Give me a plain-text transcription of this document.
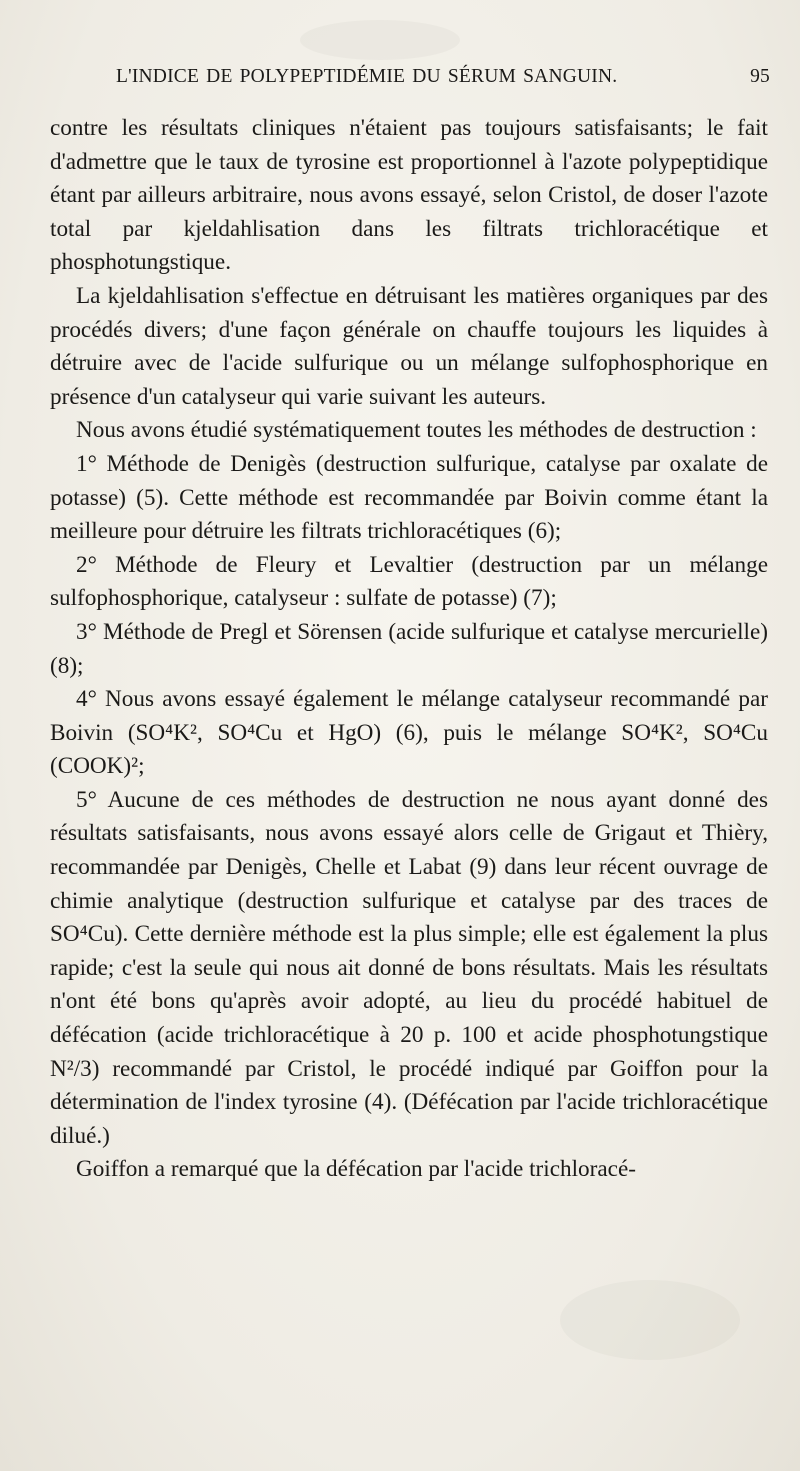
L'INDICE DE POLYPEPTIDÉMIE DU SÉRUM SANGUIN.	95

contre les résultats cliniques n'étaient pas toujours satisfaisants; le fait d'admettre que le taux de tyrosine est proportionnel à l'azote polypeptidique étant par ailleurs arbitraire, nous avons essayé, selon Cristol, de doser l'azote total par kjeldahlisation dans les filtrats trichloracétique et phosphotungstique.

La kjeldahlisation s'effectue en détruisant les matières organiques par des procédés divers; d'une façon générale on chauffe toujours les liquides à détruire avec de l'acide sulfurique ou un mélange sulfophosphorique en présence d'un catalyseur qui varie suivant les auteurs.

Nous avons étudié systématiquement toutes les méthodes de destruction :

1° Méthode de Denigès (destruction sulfurique, catalyse par oxalate de potasse) (5). Cette méthode est recommandée par Boivin comme étant la meilleure pour détruire les filtrats trichloracétiques (6);

2° Méthode de Fleury et Levaltier (destruction par un mélange sulfophosphorique, catalyseur : sulfate de potasse) (7);

3° Méthode de Pregl et Sörensen (acide sulfurique et catalyse mercurielle) (8);

4° Nous avons essayé également le mélange catalyseur recommandé par Boivin (SO⁴K², SO⁴Cu et HgO) (6), puis le mélange SO⁴K², SO⁴Cu (COOK)²;

5° Aucune de ces méthodes de destruction ne nous ayant donné des résultats satisfaisants, nous avons essayé alors celle de Grigaut et Thièry, recommandée par Denigès, Chelle et Labat (9) dans leur récent ouvrage de chimie analytique (destruction sulfurique et catalyse par des traces de SO⁴Cu). Cette dernière méthode est la plus simple; elle est également la plus rapide; c'est la seule qui nous ait donné de bons résultats. Mais les résultats n'ont été bons qu'après avoir adopté, au lieu du procédé habituel de défécation (acide trichloracétique à 20 p. 100 et acide phosphotungstique N²/3) recommandé par Cristol, le procédé indiqué par Goiffon pour la détermination de l'index tyrosine (4). (Défécation par l'acide trichloracétique dilué.)

Goiffon a remarqué que la défécation par l'acide trichloracé-
